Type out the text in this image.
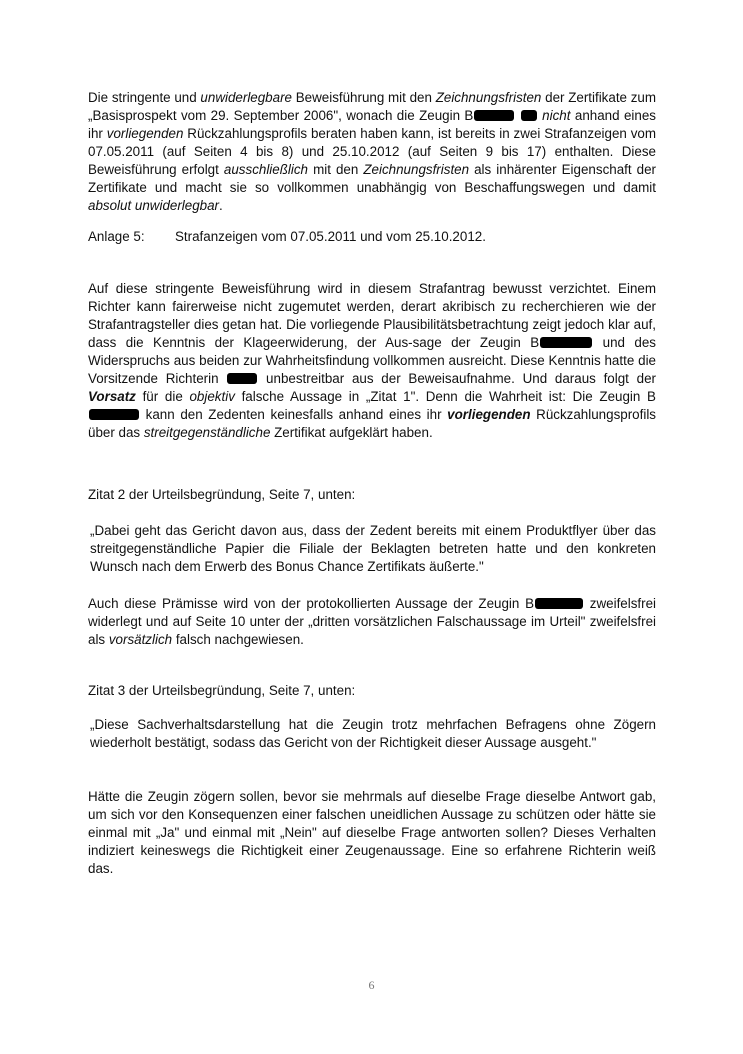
Die stringente und unwiderlegbare Beweisführung mit den Zeichnungsfristen der Zertifikate zum „Basisprospekt vom 29. September 2006", wonach die Zeugin B	nicht anhand eines ihr vorliegenden Rückzahlungsprofils beraten haben kann, ist bereits in zwei Strafanzeigen vom 07.05.2011 (auf Seiten 4 bis 8) und 25.10.2012 (auf Seiten 9 bis 17) enthalten. Diese Beweisführung erfolgt ausschließlich mit den Zeichnungsfristen als inhärenter Eigenschaft der Zertifikate und macht sie so vollkommen unabhängig von Beschaffungswegen und damit absolut unwiderlegbar.
Anlage 5: Strafanzeigen vom 07.05.2011 und vom 25.10.2012.
Auf diese stringente Beweisführung wird in diesem Strafantrag bewusst verzichtet. Einem Richter kann fairerweise nicht zugemutet werden, derart akribisch zu recherchieren wie der Strafantragsteller dies getan hat. Die vorliegende Plausibilitätsbetrachtung zeigt jedoch klar auf, dass die Kenntnis der Klageerwiderung, der Aus-sage der Zeugin B	und des Widerspruchs aus beiden zur Wahrheitsfindung vollkommen ausreicht. Diese Kenntnis hatte die Vorsitzende Richterin  unbestreitbar aus der Beweisaufnahme. Und daraus folgt der Vorsatz für die objektiv falsche Aussage in „Zitat 1". Denn die Wahrheit ist: Die Zeugin B kann den Zedenten keinesfalls anhand eines ihr vorliegenden Rückzahlungsprofils über das streitgegenständliche Zertifikat aufgeklärt haben.
Zitat 2 der Urteilsbegründung, Seite 7, unten:
„Dabei geht das Gericht davon aus, dass der Zedent bereits mit einem Produktflyer über das streitgegenständliche Papier die Filiale der Beklagten betreten hatte und den konkreten Wunsch nach dem Erwerb des Bonus Chance Zertifikats äußerte."
Auch diese Prämisse wird von der protokollierten Aussage der Zeugin B	zweifelsfrei widerlegt und auf Seite 10 unter der „dritten vorsätzlichen Falschaussage im Urteil" zweifelsfrei als vorsätzlich falsch nachgewiesen.
Zitat 3 der Urteilsbegründung, Seite 7, unten:
„Diese Sachverhaltsdarstellung hat die Zeugin trotz mehrfachen Befragens ohne Zögern wiederholt bestätigt, sodass das Gericht von der Richtigkeit dieser Aussage ausgeht."
Hätte die Zeugin zögern sollen, bevor sie mehrmals auf dieselbe Frage dieselbe Antwort gab, um sich vor den Konsequenzen einer falschen uneidlichen Aussage zu schützen oder hätte sie einmal mit „Ja" und einmal mit „Nein" auf dieselbe Frage antworten sollen? Dieses Verhalten indiziert keineswegs die Richtigkeit einer Zeugenaussage. Eine so erfahrene Richterin weiß das.
6
